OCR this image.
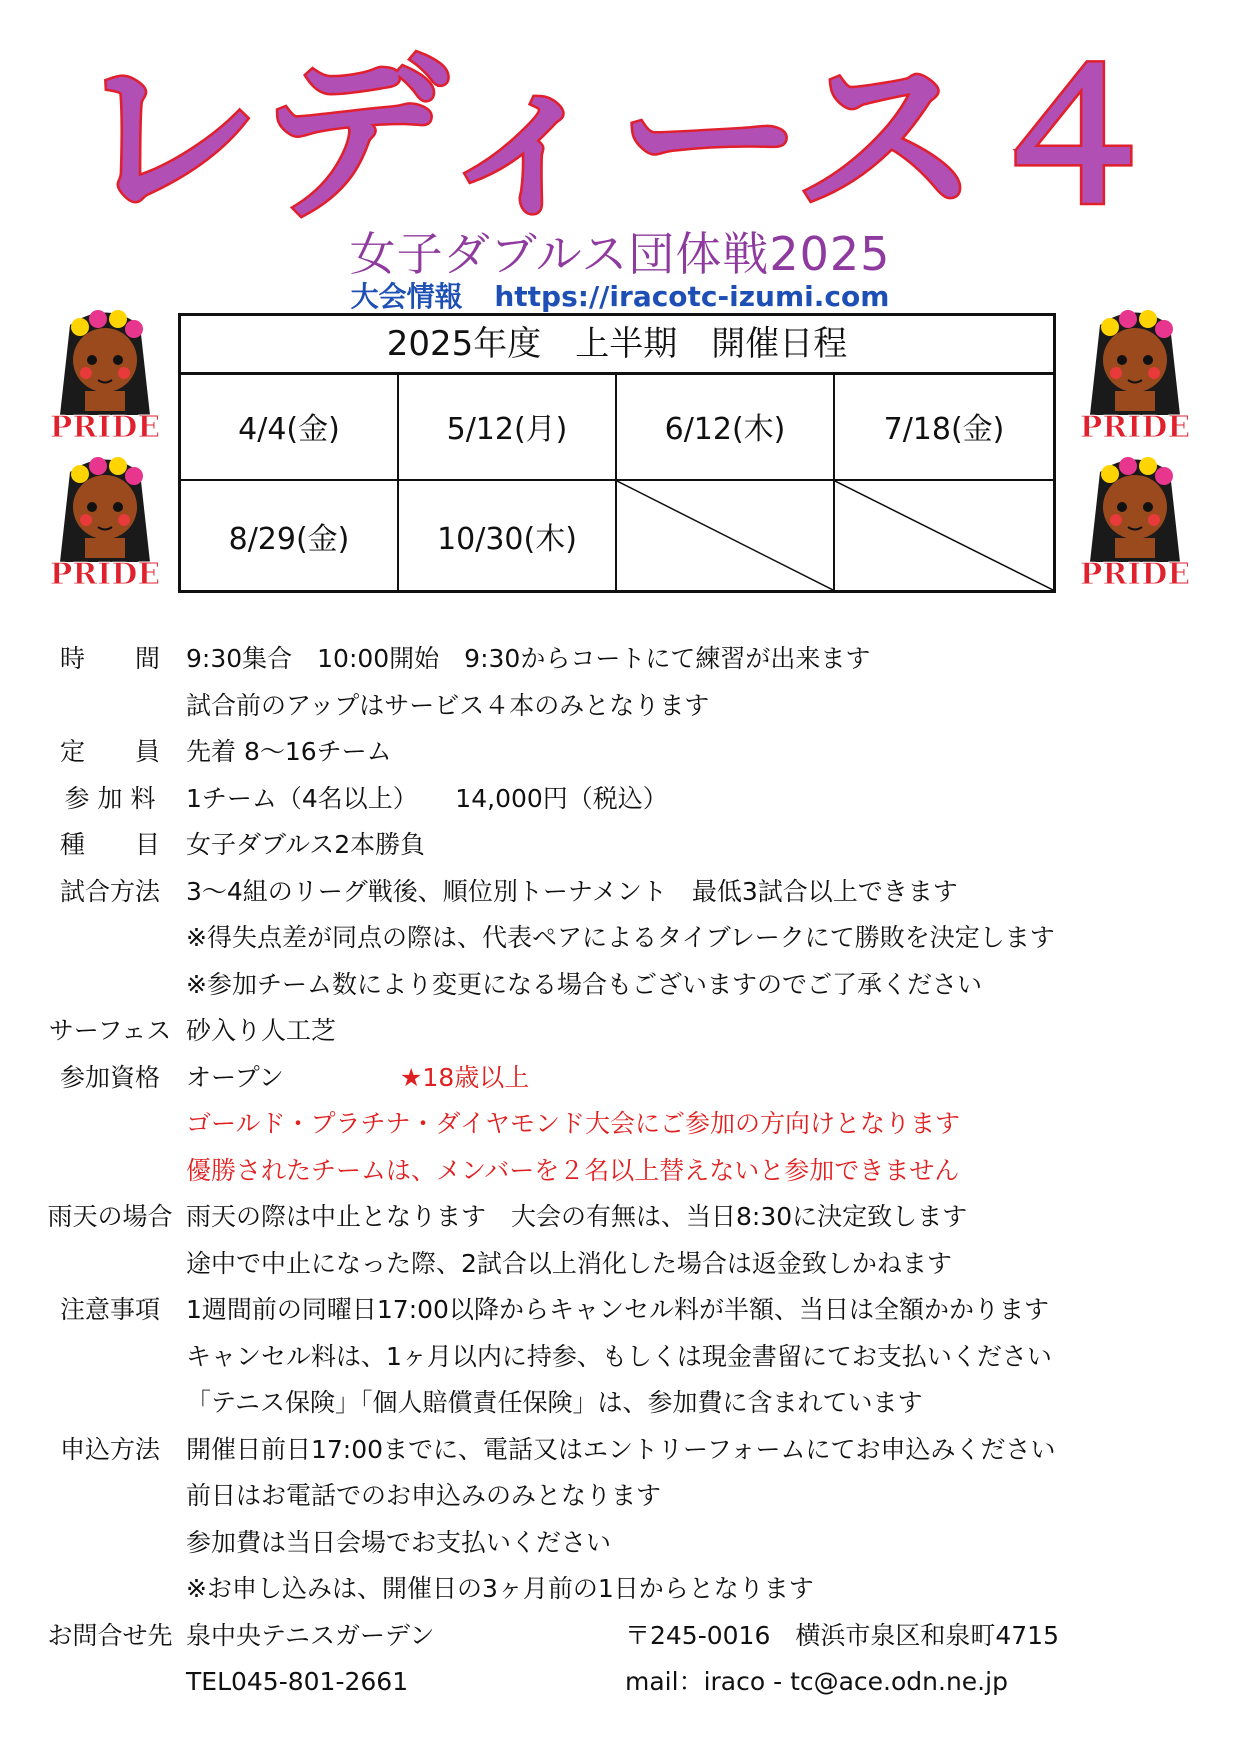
レディース４
女子ダブルス団体戦2025
大会情報 https://iracotc-izumi.com
PRIDE
PRIDE
PRIDE
PRIDE
2025年度　上半期　開催日程
4/4(金)	5/12(月)	6/12(木)	7/18(金)
8/29(金)	10/30(木)
時　　間	9:30集合　10:00開始　9:30からコートにて練習が出来ます
試合前のアップはサービス４本のみとなります
定　　員	先着 8～16チーム
参 加 料	1チーム（4名以上）　　14,000円（税込）
種　　目	女子ダブルス2本勝負
試合方法	3～4組のリーグ戦後、順位別トーナメント　最低3試合以上できます
※得失点差が同点の際は、代表ペアによるタイブレークにて勝敗を決定します
※参加チーム数により変更になる場合もございますのでご了承ください
サーフェス 砂入り人工芝
参加資格	オープン	★18歳以上
ゴールド・プラチナ・ダイヤモンド大会にご参加の方向けとなります
優勝されたチームは、メンバーを２名以上替えないと参加できません
雨天の場合 雨天の際は中止となります　大会の有無は、当日8:30に決定致します
途中で中止になった際、2試合以上消化した場合は返金致しかねます
注意事項	1週間前の同曜日17:00以降からキャンセル料が半額、当日は全額かかります
キャンセル料は、1ヶ月以内に持参、もしくは現金書留にてお支払いください
「テニス保険」「個人賠償責任保険」は、参加費に含まれています
申込方法	開催日前日17:00までに、電話又はエントリーフォームにてお申込みください
前日はお電話でのお申込みのみとなります
参加費は当日会場でお支払いください
※お申し込みは、開催日の3ヶ月前の1日からとなります
お問合せ先 泉中央テニスガーデン	〒245-0016　横浜市泉区和泉町4715
TEL045-801-2661	mail：iraco - tc@ace.odn.ne.jp
